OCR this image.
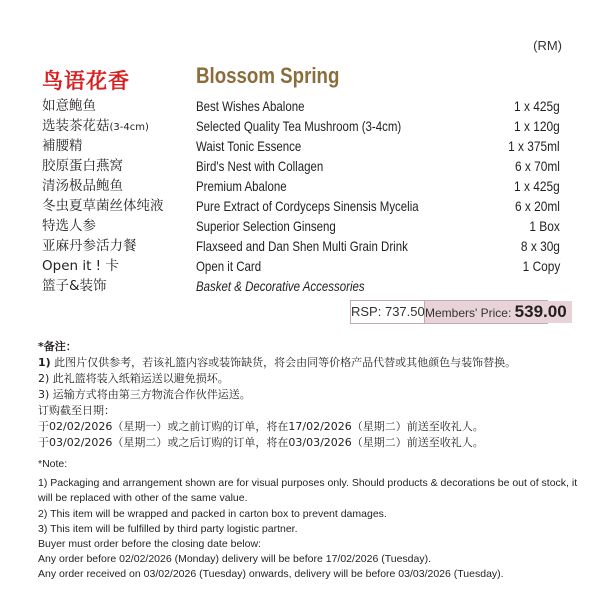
(RM)
鸟语花香	Blossom Spring
如意鲍鱼	Best Wishes Abalone	1 x 425g
选装茶花菇(3-4cm)	Selected Quality Tea Mushroom (3-4cm)	1 x 120g
補腰精	Waist Tonic Essence	1 x 375ml
胶原蛋白燕窝	Bird's Nest with Collagen	6 x 70ml
清汤极品鲍鱼	Premium Abalone	1 x 425g
冬虫夏草菌丝体纯液 Pure Extract of Cordyceps Sinensis Mycelia	6 x 20ml
特选人参	Superior Selection Ginseng	1 Box
亚麻丹参活力餐	Flaxseed and Dan Shen Multi Grain Drink	8 x 30g
Open it ! 卡	Open it Card	1 Copy
篮子&装饰	Basket & Decorative Accessories
RSP: 737.50 Members' Price: 539.00
*备注：
1) 此图片仅供参考，若该礼篮内容或装饰缺货，将会由同等价格产品代替或其他颜色与装饰替换。
2) 此礼篮将装入纸箱运送以避免损坏。
3) 运输方式将由第三方物流合作伙伴运送。
订购截至日期：
于02/02/2026（星期一）或之前订购的订单，将在17/02/2026（星期二）前送至收礼人。
于03/02/2026（星期二）或之后订购的订单，将在03/03/2026（星期二）前送至收礼人。
*Note:
1) Packaging and arrangement shown are for visual purposes only. Should products & decorations be out of stock, it will be replaced with other of the same value.
2) This item will be wrapped and packed in carton box to prevent damages.
3) This item will be fulfilled by third party logistic partner.
Buyer must order before the closing date below:
Any order before 02/02/2026 (Monday) delivery will be before 17/02/2026 (Tuesday).
Any order received on 03/02/2026 (Tuesday) onwards, delivery will be before 03/03/2026 (Tuesday).
